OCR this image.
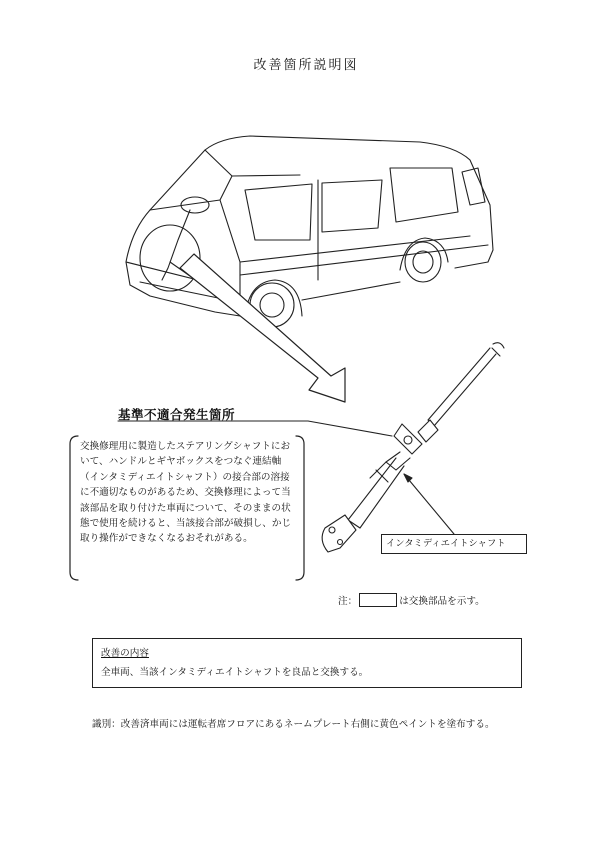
改善箇所説明図
基準不適合発生箇所
交換修理用に製造したステアリングシャフトにおいて、ハンドルとギヤボックスをつなぐ連結軸（インタミディエイトシャフト）の接合部の溶接に不適切なものがあるため、交換修理によって当該部品を取り付けた車両について、そのままの状態で使用を続けると、当該接合部が破損し、かじ取り操作ができなくなるおそれがある。	インタミディエイトシャフト
注：	は交換部品を示す。
改善の内容
全車両、当該インタミディエイトシャフトを良品と交換する。
識別：改善済車両には運転者席フロアにあるネームプレート右側に黄色ペイントを塗布する。
